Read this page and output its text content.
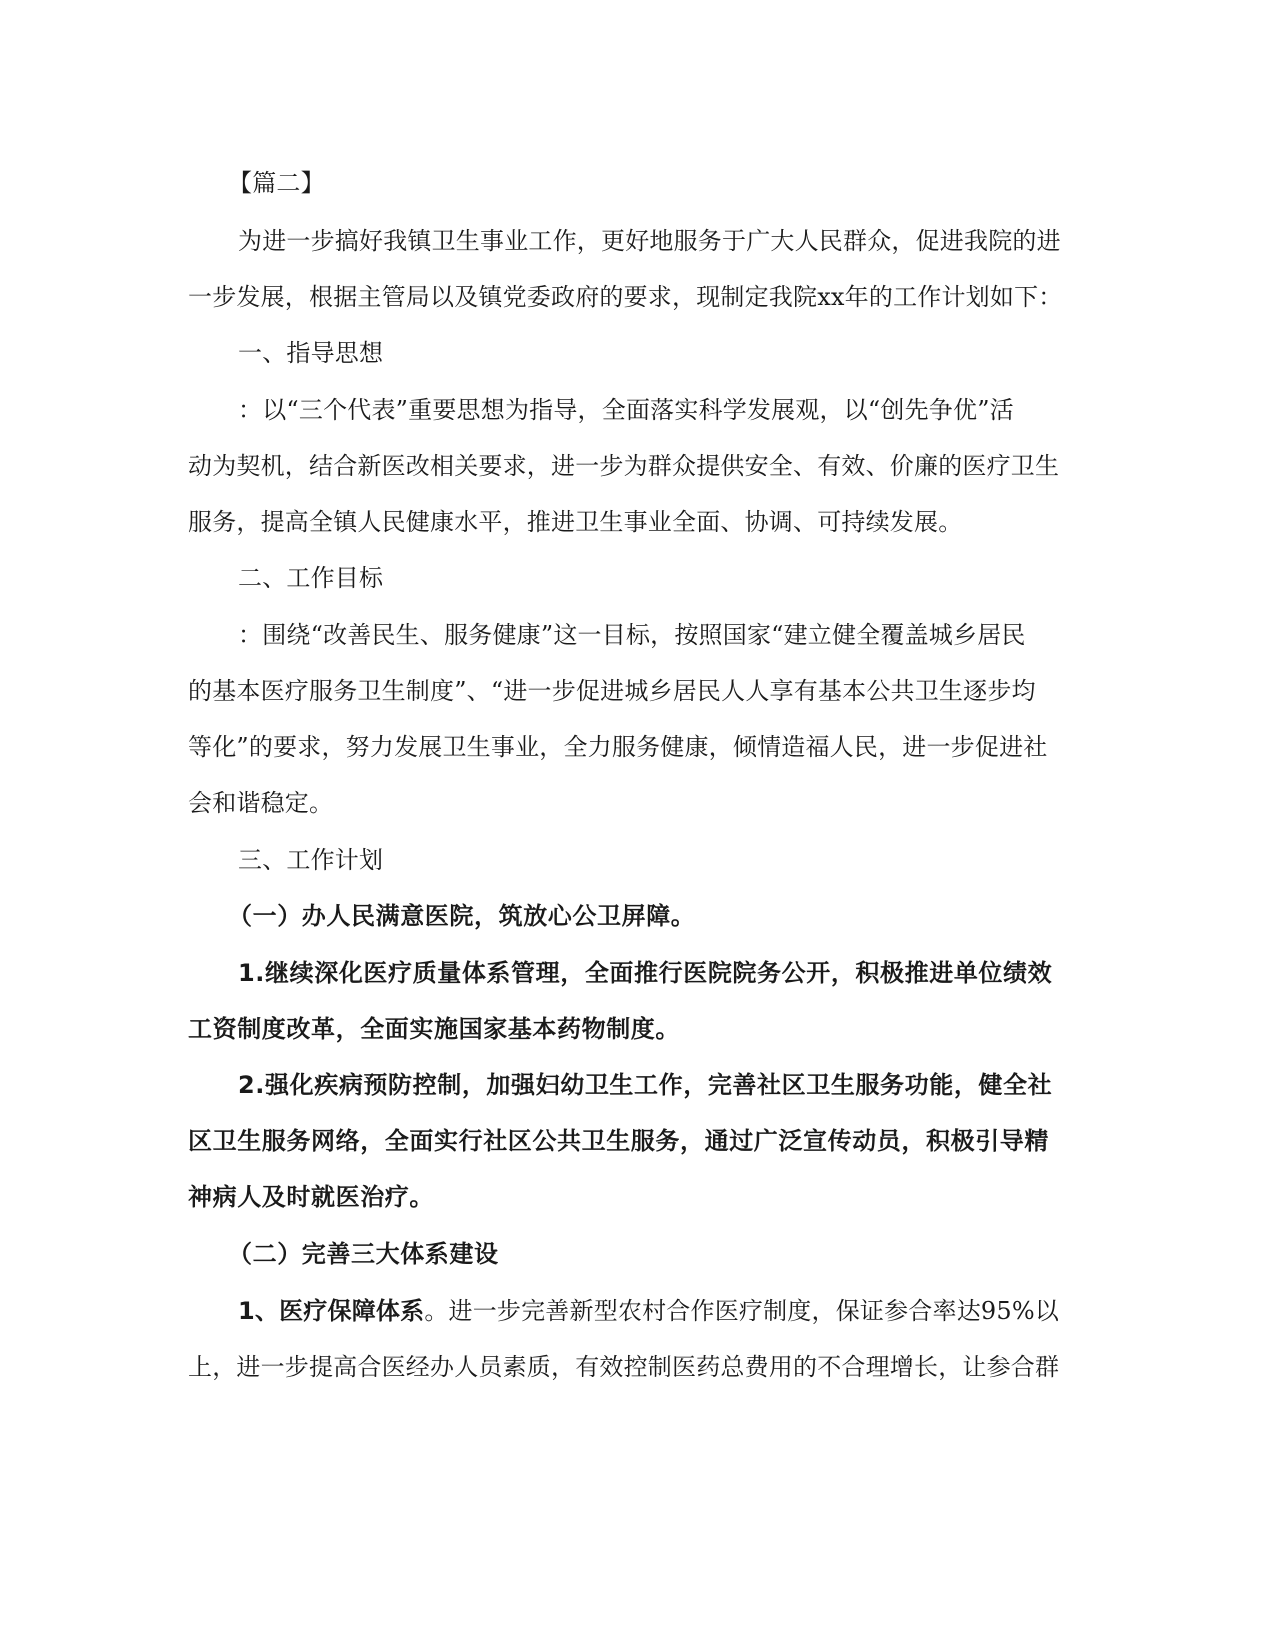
【篇二】
为进一步搞好我镇卫生事业工作，更好地服务于广大人民群众，促进我院的进
一步发展，根据主管局以及镇党委政府的要求，现制定我院xx年的工作计划如下：
一、指导思想
：以“三个代表”重要思想为指导，全面落实科学发展观，以“创先争优”活
动为契机，结合新医改相关要求，进一步为群众提供安全、有效、价廉的医疗卫生
服务，提高全镇人民健康水平，推进卫生事业全面、协调、可持续发展。
二、工作目标
：围绕“改善民生、服务健康”这一目标，按照国家“建立健全覆盖城乡居民
的基本医疗服务卫生制度”、“进一步促进城乡居民人人享有基本公共卫生逐步均
等化”的要求，努力发展卫生事业，全力服务健康，倾情造福人民，进一步促进社
会和谐稳定。
三、工作计划
（一）办人民满意医院，筑放心公卫屏障。
1.继续深化医疗质量体系管理，全面推行医院院务公开，积极推进单位绩效
工资制度改革，全面实施国家基本药物制度。
2.强化疾病预防控制，加强妇幼卫生工作，完善社区卫生服务功能，健全社
区卫生服务网络，全面实行社区公共卫生服务，通过广泛宣传动员，积极引导精
神病人及时就医治疗。
（二）完善三大体系建设
1、医疗保障体系。进一步完善新型农村合作医疗制度，保证参合率达95%以
上，进一步提高合医经办人员素质，有效控制医药总费用的不合理增长，让参合群
